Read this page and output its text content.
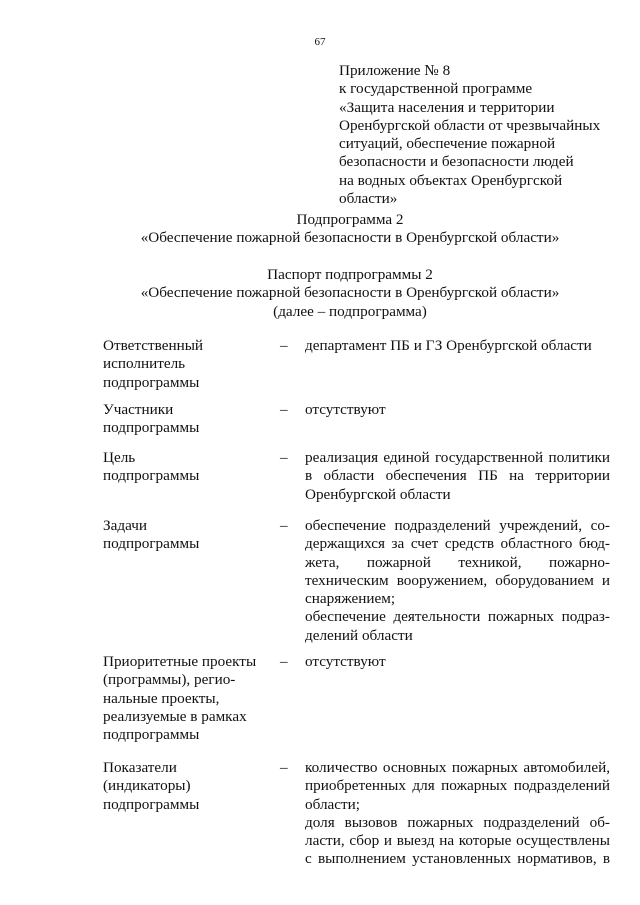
67
Приложение № 8
к государственной программе
«Защита населения и территории
Оренбургской области от чрезвычайных
ситуаций, обеспечение пожарной
безопасности и безопасности людей
на водных объектах Оренбургской
области»
Подпрограмма 2
«Обеспечение пожарной безопасности в Оренбургской области»
Паспорт подпрограммы 2
«Обеспечение пожарной безопасности в Оренбургской области»
(далее – подпрограмма)
Ответственный
исполнитель
подпрограммы
– департамент ПБ и ГЗ Оренбургской области
Участники
подпрограммы
– отсутствуют
Цель
подпрограммы
– реализация единой государственной политики
в области обеспечения ПБ на территории
Оренбургской области
Задачи
подпрограммы
– обеспечение подразделений учреждений, со-
держащихся за счет средств областного бюд-
жета, пожарной техникой, пожарно-
техническим вооружением, оборудованием и
снаряжением;
обеспечение деятельности пожарных подраз-
делений области
Приоритетные проекты
(программы), регио-
нальные проекты,
реализуемые в рамках
подпрограммы
– отсутствуют
Показатели
(индикаторы)
подпрограммы
– количество основных пожарных автомобилей,
приобретенных для пожарных подразделений
области;
доля вызовов пожарных подразделений об-
ласти, сбор и выезд на которые осуществлены
с выполнением установленных нормативов, в
